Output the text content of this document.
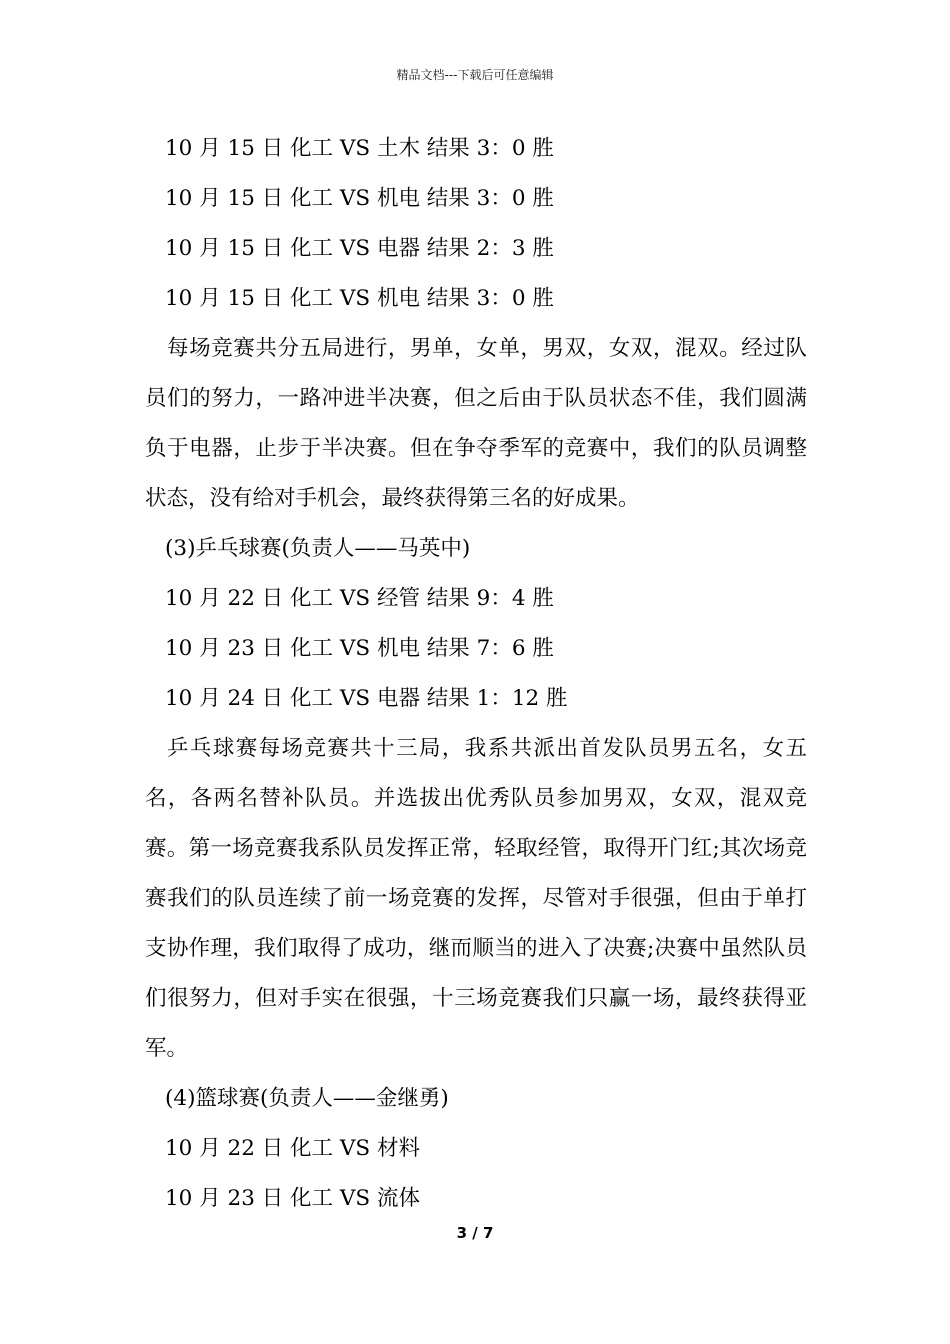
精品文档---下载后可任意编辑
10 月 15 日 化工 VS 土木 结果 3：0 胜
10 月 15 日 化工 VS 机电 结果 3：0 胜
10 月 15 日 化工 VS 电器 结果 2：3 胜
10 月 15 日 化工 VS 机电 结果 3：0 胜
每场竞赛共分五局进行，男单，女单，男双，女双，混双。经过队员们的努力，一路冲进半决赛，但之后由于队员状态不佳，我们圆满负于电器，止步于半决赛。但在争夺季军的竞赛中，我们的队员调整状态，没有给对手机会，最终获得第三名的好成果。
(3)乒乓球赛(负责人——马英中)
10 月 22 日 化工 VS 经管 结果 9：4 胜
10 月 23 日 化工 VS 机电 结果 7：6 胜
10 月 24 日 化工 VS 电器 结果 1：12 胜
乒乓球赛每场竞赛共十三局，我系共派出首发队员男五名，女五名，各两名替补队员。并选拔出优秀队员参加男双，女双，混双竞赛。第一场竞赛我系队员发挥正常，轻取经管，取得开门红;其次场竞赛我们的队员连续了前一场竞赛的发挥，尽管对手很强，但由于单打支协作理，我们取得了成功，继而顺当的进入了决赛;决赛中虽然队员们很努力，但对手实在很强，十三场竞赛我们只赢一场，最终获得亚军。
(4)篮球赛(负责人——金继勇)
10 月 22 日 化工 VS 材料
10 月 23 日 化工 VS 流体
3 / 7
